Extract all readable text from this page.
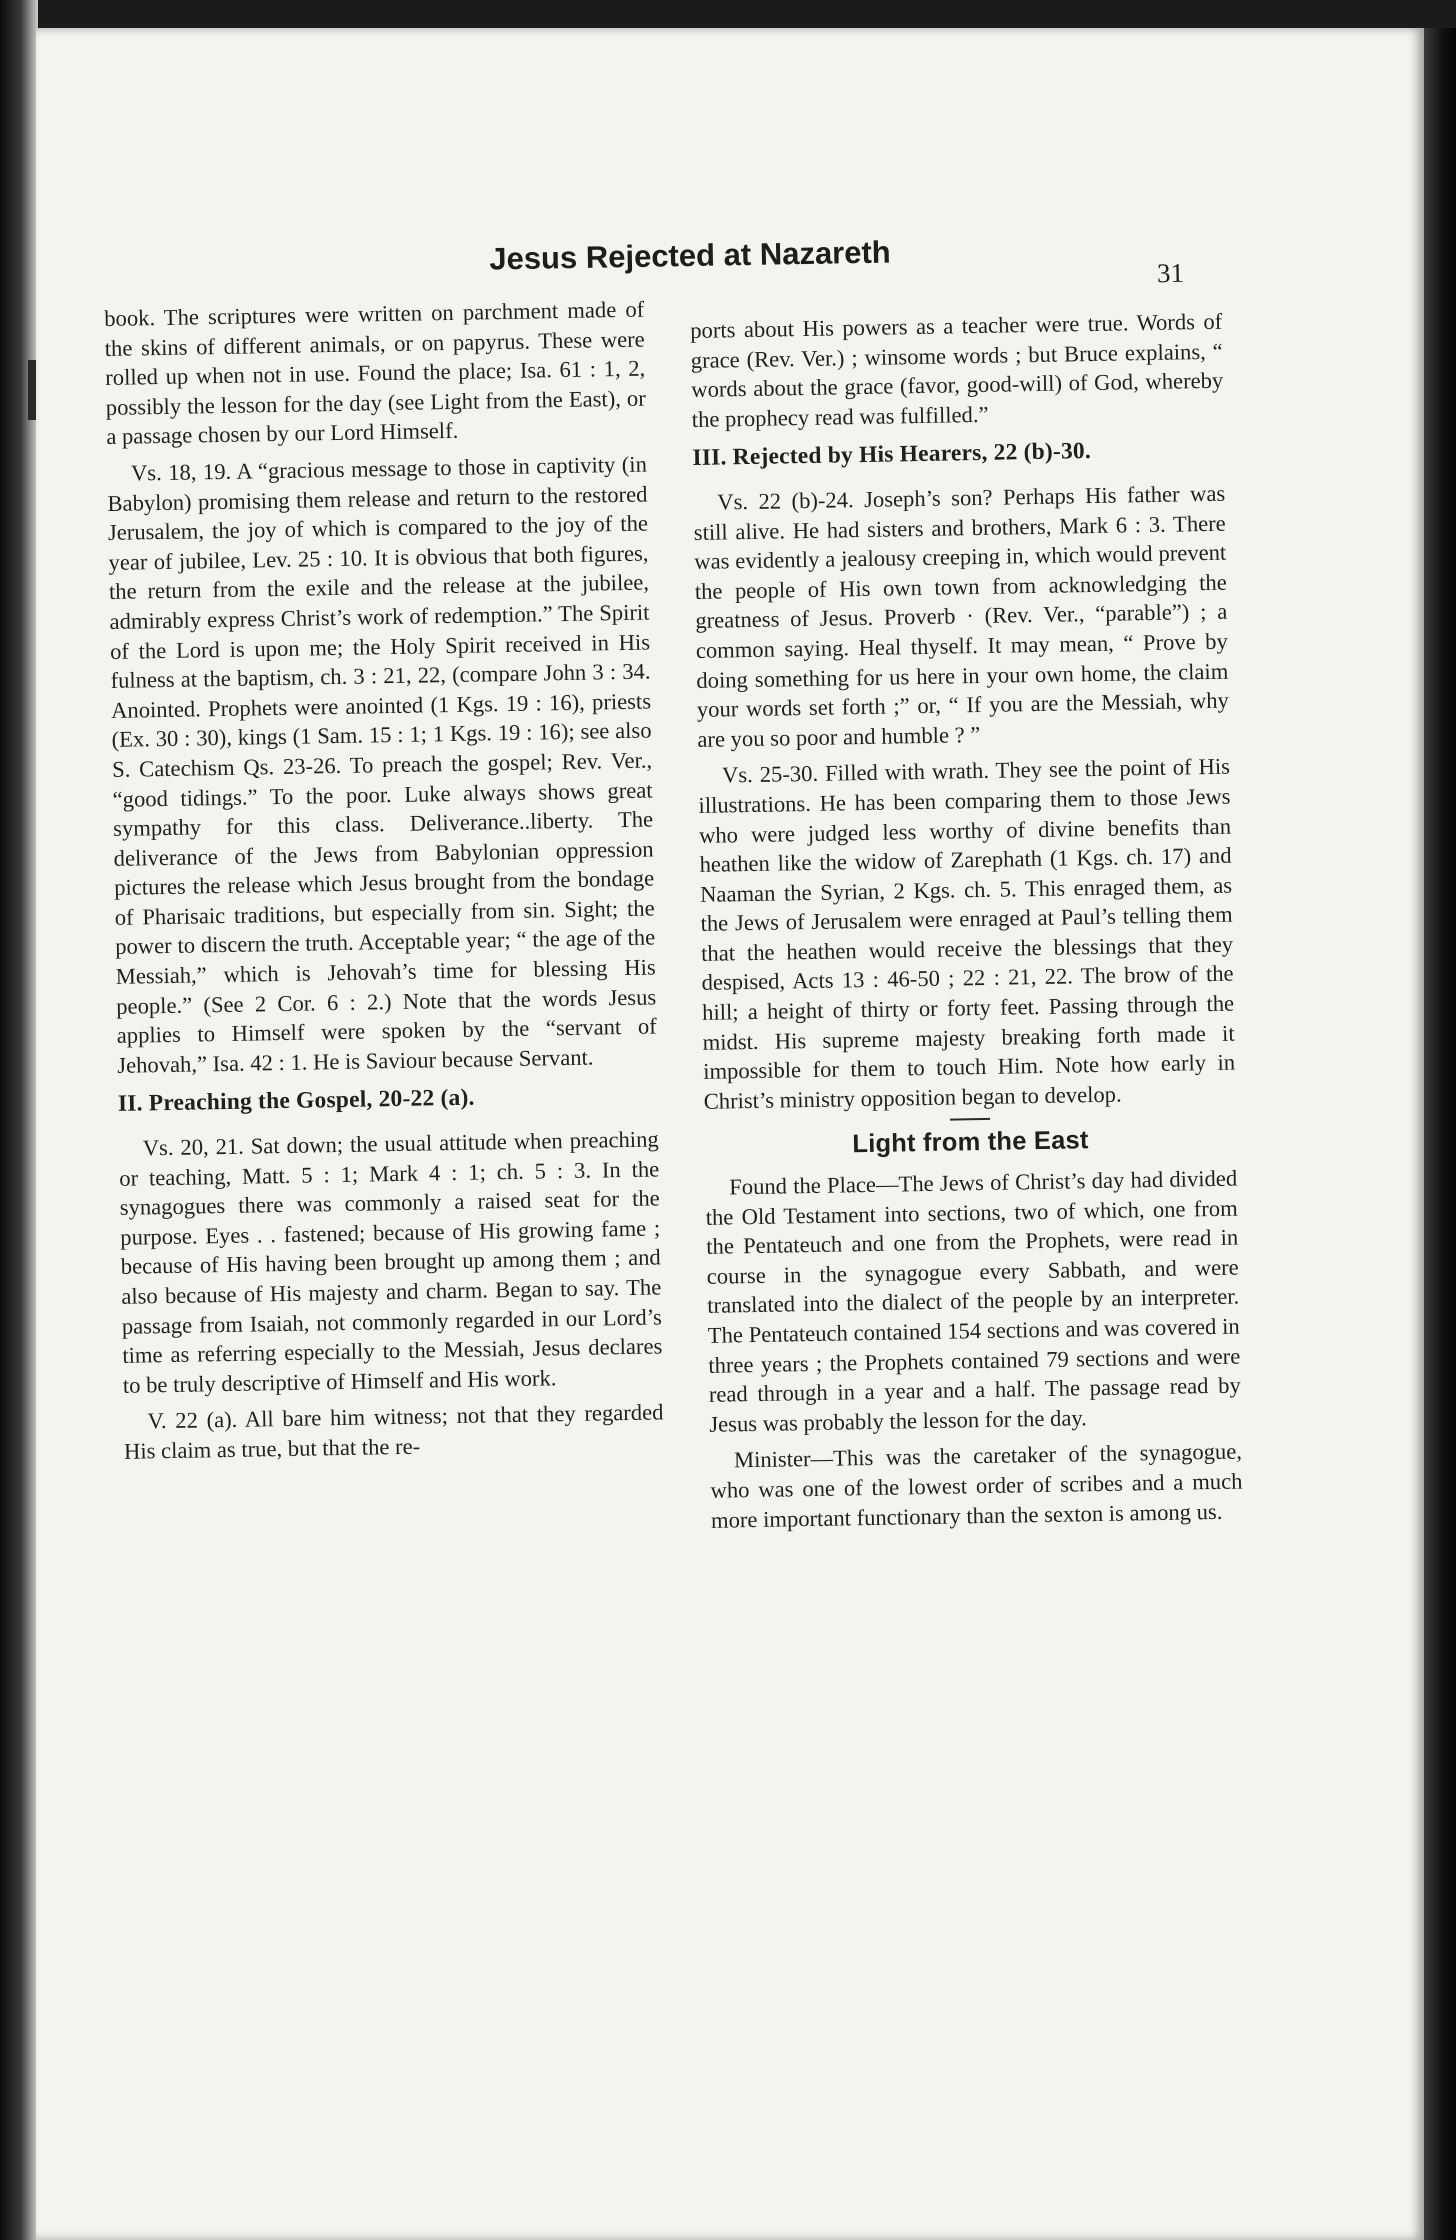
Jesus Rejected at Nazareth	31

book. The scriptures were written on parchment made of the skins of different animals, or on papyrus. These were rolled up when not in use. Found the place; Isa. 61 : 1, 2, possibly the lesson for the day (see Light from the East), or a passage chosen by our Lord Himself.

Vs. 18, 19. A “gracious message to those in captivity (in Babylon) promising them release and return to the restored Jerusalem, the joy of which is compared to the joy of the year of jubilee, Lev. 25 : 10. It is obvious that both figures, the return from the exile and the release at the jubilee, admirably express Christ’s work of redemption.” The Spirit of the Lord is upon me; the Holy Spirit received in His fulness at the baptism, ch. 3 : 21, 22, (compare John 3 : 34. Anointed. Prophets were anointed (1 Kgs. 19 : 16), priests (Ex. 30 : 30), kings (1 Sam. 15 : 1; 1 Kgs. 19 : 16); see also S. Catechism Qs. 23-26. To preach the gospel; Rev. Ver., “good tidings.” To the poor. Luke always shows great sympathy for this class. Deliverance..liberty. The deliverance of the Jews from Babylonian oppression pictures the release which Jesus brought from the bondage of Pharisaic traditions, but especially from sin. Sight; the power to discern the truth. Acceptable year; “ the age of the Messiah,” which is Jehovah’s time for blessing His people.” (See 2 Cor. 6 : 2.) Note that the words Jesus applies to Himself were spoken by the “servant of Jehovah,” Isa. 42 : 1. He is Saviour because Servant.

II. Preaching the Gospel, 20-22 (a).

Vs. 20, 21. Sat down; the usual attitude when preaching or teaching, Matt. 5 : 1; Mark 4 : 1; ch. 5 : 3. In the synagogues there was commonly a raised seat for the purpose. Eyes . . fastened; because of His growing fame ; because of His having been brought up among them ; and also because of His majesty and charm. Began to say. The passage from Isaiah, not commonly regarded in our Lord’s time as referring especially to the Messiah, Jesus declares to be truly descriptive of Himself and His work.

V. 22 (a). All bare him witness; not that they regarded His claim as true, but that the re-

ports about His powers as a teacher were true. Words of grace (Rev. Ver.) ; winsome words ; but Bruce explains, “ words about the grace (favor, good-will) of God, whereby the prophecy read was fulfilled.”

III. Rejected by His Hearers, 22 (b)-30.

Vs. 22 (b)-24. Joseph’s son? Perhaps His father was still alive. He had sisters and brothers, Mark 6 : 3. There was evidently a jealousy creeping in, which would prevent the people of His own town from acknowledging the greatness of Jesus. Proverb · (Rev. Ver., “parable”) ; a common saying. Heal thyself. It may mean, “ Prove by doing something for us here in your own home, the claim your words set forth ;” or, “ If you are the Messiah, why are you so poor and humble ? ”

Vs. 25-30. Filled with wrath. They see the point of His illustrations. He has been comparing them to those Jews who were judged less worthy of divine benefits than heathen like the widow of Zarephath (1 Kgs. ch. 17) and Naaman the Syrian, 2 Kgs. ch. 5. This enraged them, as the Jews of Jerusalem were enraged at Paul’s telling them that the heathen would receive the blessings that they despised, Acts 13 : 46-50 ; 22 : 21, 22. The brow of the hill; a height of thirty or forty feet. Passing through the midst. His supreme majesty breaking forth made it impossible for them to touch Him. Note how early in Christ’s ministry opposition began to develop.

Light from the East

Found the Place—The Jews of Christ’s day had divided the Old Testament into sections, two of which, one from the Pentateuch and one from the Prophets, were read in course in the synagogue every Sabbath, and were translated into the dialect of the people by an interpreter. The Pentateuch contained 154 sections and was covered in three years ; the Prophets contained 79 sections and were read through in a year and a half. The passage read by Jesus was probably the lesson for the day.

Minister—This was the caretaker of the synagogue, who was one of the lowest order of scribes and a much more important functionary than the sexton is among us.
